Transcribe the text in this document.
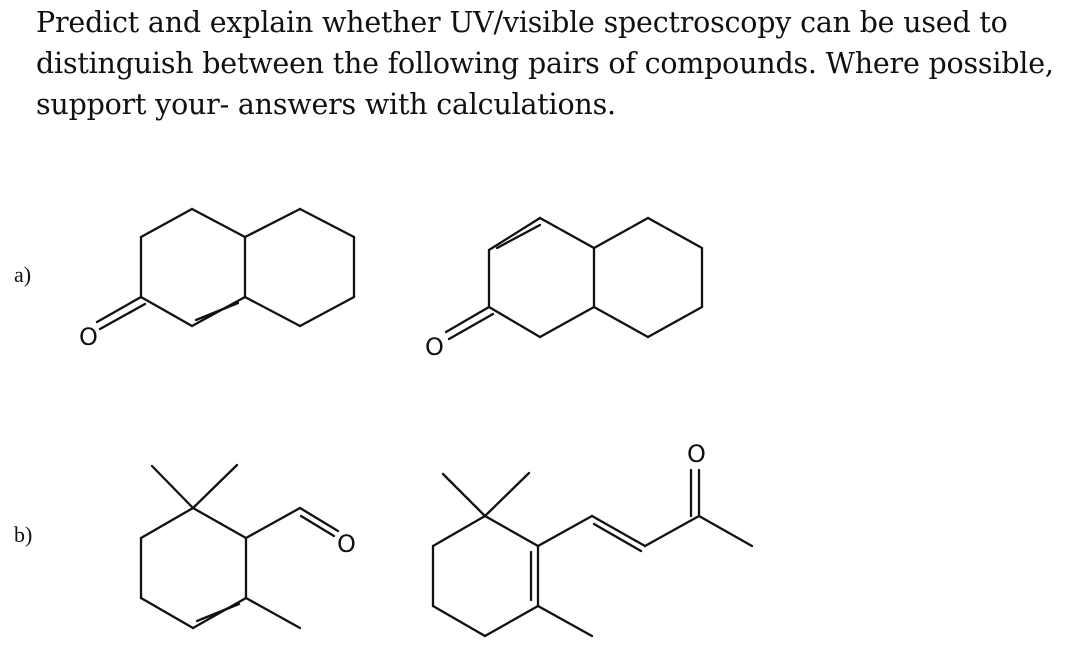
Predict and explain whether UV/visible spectroscopy can be used to distinguish between the following pairs of compounds. Where possible, support your- answers with calculations.

a)
b)
O	O
O
O
